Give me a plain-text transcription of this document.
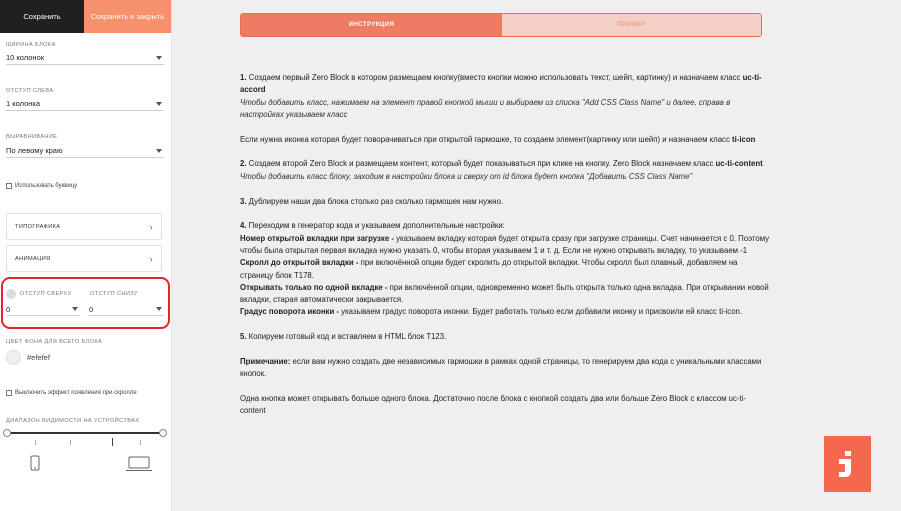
Сохранить	Сохранить и закрыть
ШИРИНА БЛОКА
10 колонок
ОТСТУП СЛЕВА
1 колонка
ВЫРАВНИВАНИЕ
По левому краю
Использовать буквицу
ТИПОГРАФИКА	›
АНИМАЦИЯ	›
ОТСТУП СВЕРХУ	ОТСТУП СНИЗУ
0	0
ЦВЕТ ФОНА ДЛЯ ВСЕГО БЛОКА
#efefef
Выключить эффект появления при скролле
ДИАПАЗОН ВИДИМОСТИ НА УСТРОЙСТВАХ
ИНСТРУКЦИЯ	ПРИМЕР

1. Создаем первый Zero Block в котором размещаем кнопку(вместо кнопки можно использовать текст, шейп, картинку) и назначаем класс uc-ti-accord

Чтобы добавить класс, нажимаем на элемент правой кнопкой мыши и выбираем из списка "Add CSS Class Name" и далее, справа в настройках указываем класс

Если нужна иконка которая будет поворачиваться при открытой гармошке, то создаем элемент(картинку или шейп) и назначаем класс ti-icon

2. Создаем второй Zero Block и размещаем контент, который будет показываться при клике на кнопку. Zero Block назначаем класс uc-ti-content

Чтобы добавить класс блоку, заходим в настройки блока и сверху от id блока будет кнопка "Добавить CSS Class Name"

3. Дублируем наши два блока столько раз сколько гармошек нам нужно.

4. Переходим в генератор кода и указываем дополнительные настройки:

Номер открытой вкладки при загрузке - указываем вкладку которая будет открыта сразу при загрузке страницы. Счет начинается с 0. Поэтому чтобы была открытая первая вкладка нужно указать 0, чтобы вторая указываем 1 и т. д. Если не нужно открывать вкладку, то указываем -1

Скролл до открытой вкладки - при включённой опции будет скролить до открытой вкладки. Чтобы скролл был плавный, добавляем на страницу блок T178.

Открывать только по одной вкладке - при включённой опции, одновременно может быть открыта только одна вкладка. При открывании новой вкладки, старая автоматически закрывается.

Градус поворота иконки - указываем градус поворота иконки. Будет работать только если добавили иконку и присвоили ей класс ti-icon.

5. Копируем готовый код и вставляем в HTML блок T123.

Примечание: если вам нужно создать две независимых гармошки в рамках одной страницы, то генерируем два кода с уникальными классами кнопок.

Одна кнопка может открывать больше одного блока. Достаточно после блока с кнопкой создать два или больше Zero Block с классом uc-ti-content
